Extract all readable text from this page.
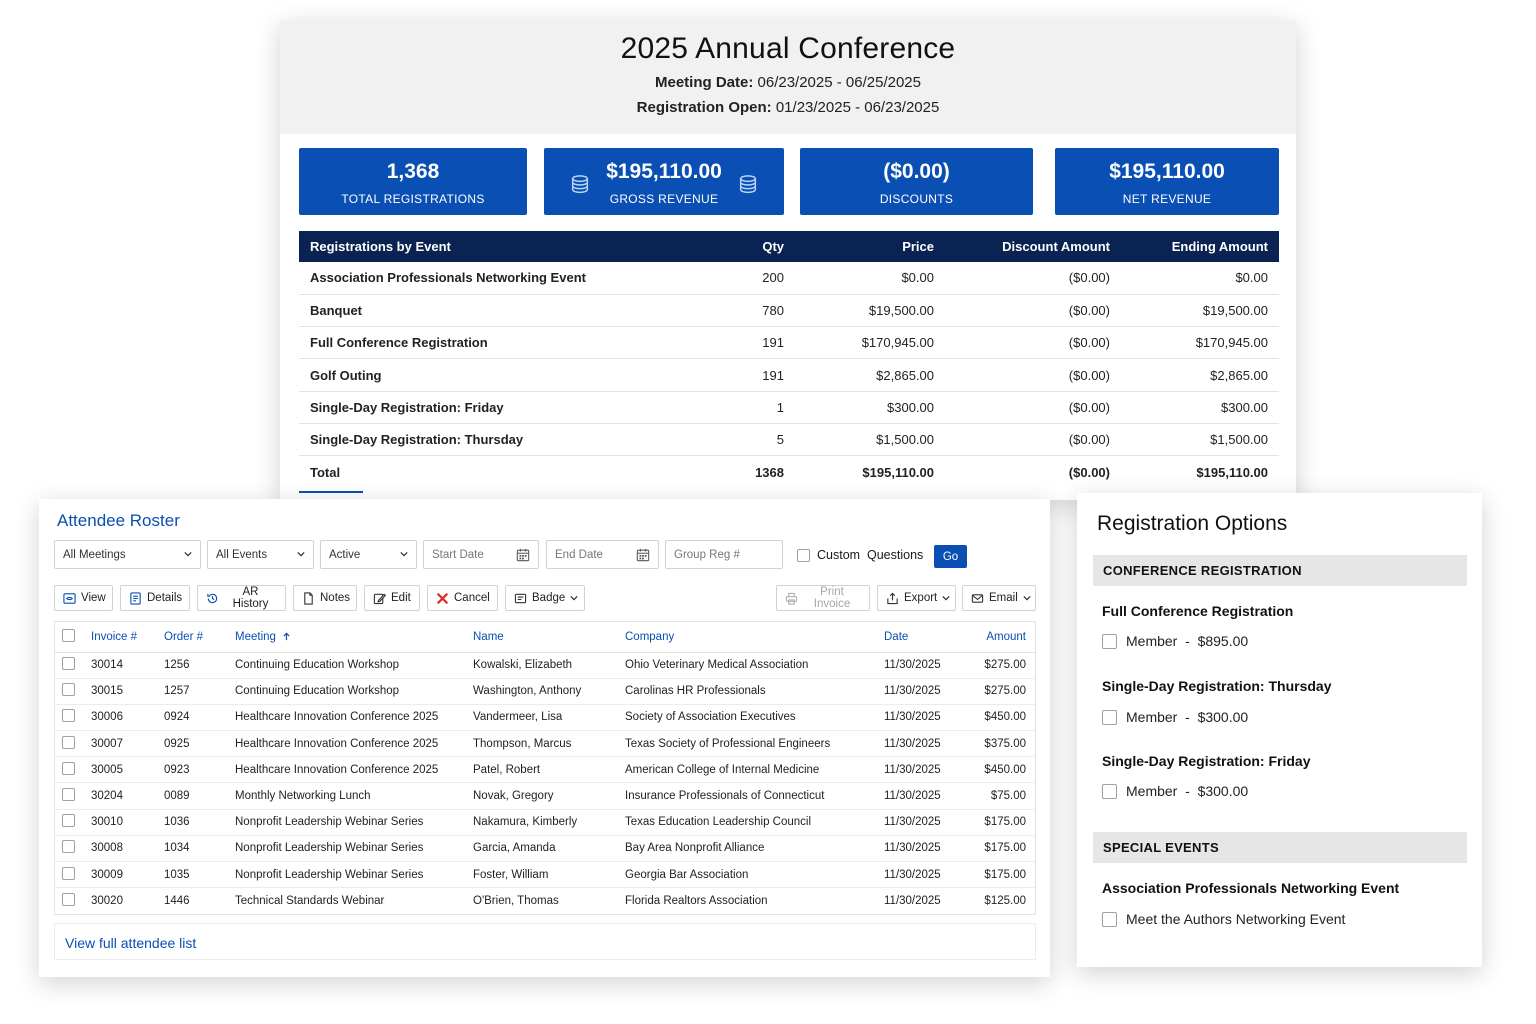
2025 Annual Conference
Meeting Date: 06/23/2025 - 06/25/2025
Registration Open: 01/23/2025 - 06/23/2025
1,368
TOTAL REGISTRATIONS
$195,110.00
GROSS REVENUE
($0.00)
DISCOUNTS
$195,110.00
NET REVENUE
Registrations by Event	Qty	Price	Discount Amount	Ending Amount
Association Professionals Networking Event	200	$0.00	($0.00)	$0.00
Banquet	780	$19,500.00	($0.00)	$19,500.00
Full Conference Registration	191	$170,945.00	($0.00)	$170,945.00
Golf Outing	191	$2,865.00	($0.00)	$2,865.00
Single-Day Registration: Friday	1	$300.00	($0.00)	$300.00
Single-Day Registration: Thursday	5	$1,500.00	($0.00)	$1,500.00
Total	1368	$195,110.00	($0.00)	$195,110.00
Attendee Roster
All Meetings	All Events	Active	Start Date	End Date	Group Reg #	Custom  Questions	Go
View	Details	AR History	Notes	Edit	Cancel	Badge	Print Invoice	Export	Email
	Invoice #	Order #	Meeting	Name	Company	Date	Amount
	30014	1256	Continuing Education Workshop	Kowalski, Elizabeth	Ohio Veterinary Medical Association	11/30/2025	$275.00
	30015	1257	Continuing Education Workshop	Washington, Anthony	Carolinas HR Professionals	11/30/2025	$275.00
	30006	0924	Healthcare Innovation Conference 2025	Vandermeer, Lisa	Society of Association Executives	11/30/2025	$450.00
	30007	0925	Healthcare Innovation Conference 2025	Thompson, Marcus	Texas Society of Professional Engineers	11/30/2025	$375.00
	30005	0923	Healthcare Innovation Conference 2025	Patel, Robert	American College of Internal Medicine	11/30/2025	$450.00
	30204	0089	Monthly Networking Lunch	Novak, Gregory	Insurance Professionals of Connecticut	11/30/2025	$75.00
	30010	1036	Nonprofit Leadership Webinar Series	Nakamura, Kimberly	Texas Education Leadership Council	11/30/2025	$175.00
	30008	1034	Nonprofit Leadership Webinar Series	Garcia, Amanda	Bay Area Nonprofit Alliance	11/30/2025	$175.00
	30009	1035	Nonprofit Leadership Webinar Series	Foster, William	Georgia Bar Association	11/30/2025	$175.00
	30020	1446	Technical Standards Webinar	O'Brien, Thomas	Florida Realtors Association	11/30/2025	$125.00
View full attendee list
Registration Options
CONFERENCE REGISTRATION
Full Conference Registration
Member  -  $895.00
Single-Day Registration: Thursday
Member  -  $300.00
Single-Day Registration: Friday
Member  -  $300.00
SPECIAL EVENTS
Association Professionals Networking Event
Meet the Authors Networking Event
